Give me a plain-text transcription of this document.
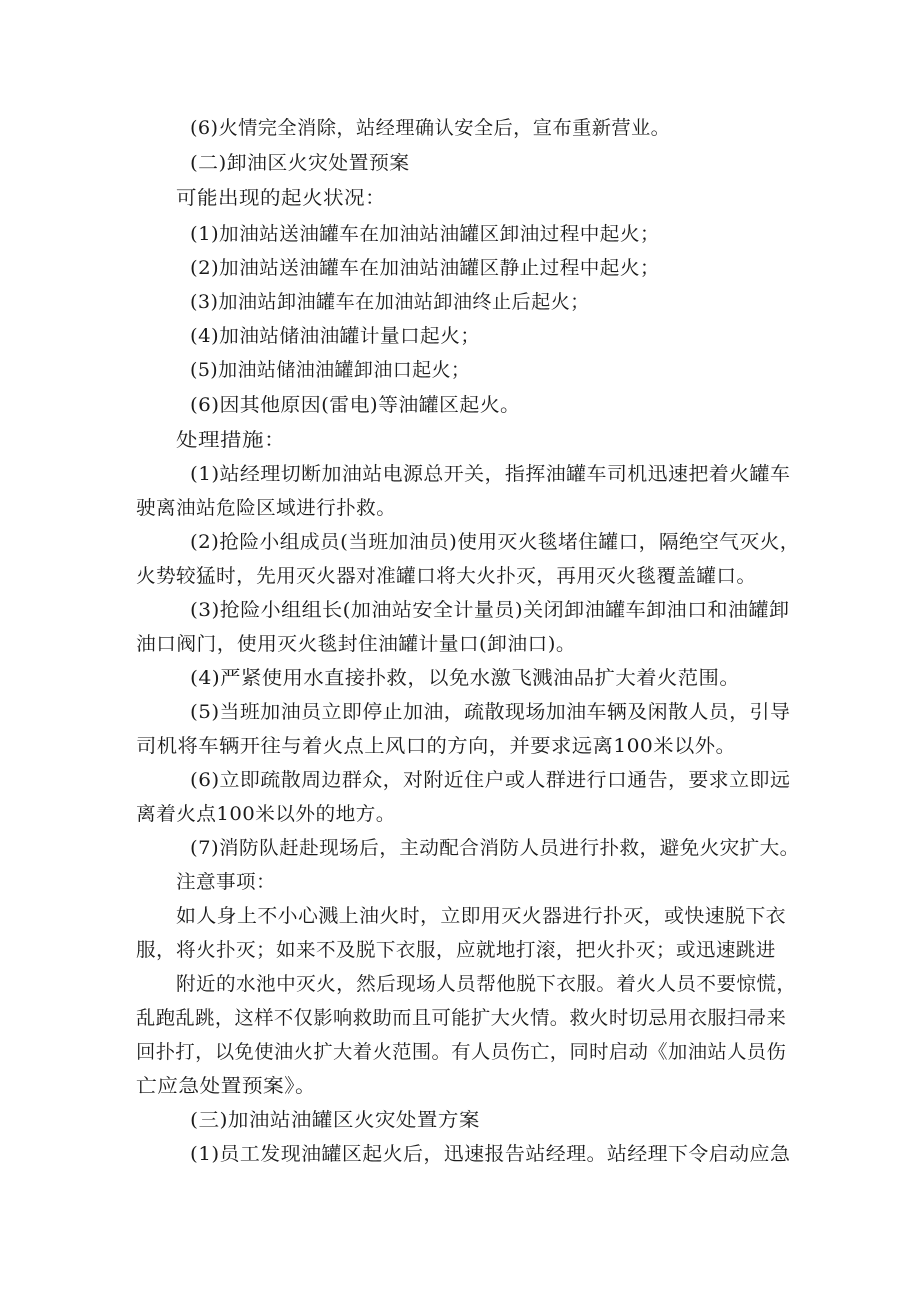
(6)火情完全消除，站经理确认安全后，宣布重新营业。
(二)卸油区火灾处置预案
可能出现的起火状况：
(1)加油站送油罐车在加油站油罐区卸油过程中起火；
(2)加油站送油罐车在加油站油罐区静止过程中起火；
(3)加油站卸油罐车在加油站卸油终止后起火；
(4)加油站储油油罐计量口起火；
(5)加油站储油油罐卸油口起火；
(6)因其他原因(雷电)等油罐区起火。
处理措施：
(1)站经理切断加油站电源总开关，指挥油罐车司机迅速把着火罐车
驶离油站危险区域进行扑救。
(2)抢险小组成员(当班加油员)使用灭火毯堵住罐口，隔绝空气灭火，
火势较猛时，先用灭火器对准罐口将大火扑灭，再用灭火毯覆盖罐口。
(3)抢险小组组长(加油站安全计量员)关闭卸油罐车卸油口和油罐卸
油口阀门，使用灭火毯封住油罐计量口(卸油口)。
(4)严紧使用水直接扑救，以免水激飞溅油品扩大着火范围。
(5)当班加油员立即停止加油，疏散现场加油车辆及闲散人员，引导
司机将车辆开往与着火点上风口的方向，并要求远离100米以外。
(6)立即疏散周边群众，对附近住户或人群进行口通告，要求立即远
离着火点100米以外的地方。
(7)消防队赶赴现场后，主动配合消防人员进行扑救，避免火灾扩大。
注意事项：
如人身上不小心溅上油火时，立即用灭火器进行扑灭，或快速脱下衣
服，将火扑灭；如来不及脱下衣服，应就地打滚，把火扑灭；或迅速跳进
附近的水池中灭火，然后现场人员帮他脱下衣服。着火人员不要惊慌，
乱跑乱跳，这样不仅影响救助而且可能扩大火情。救火时切忌用衣服扫帚来
回扑打，以免使油火扩大着火范围。有人员伤亡，同时启动《加油站人员伤
亡应急处置预案》。
(三)加油站油罐区火灾处置方案
(1)员工发现油罐区起火后，迅速报告站经理。站经理下令启动应急
